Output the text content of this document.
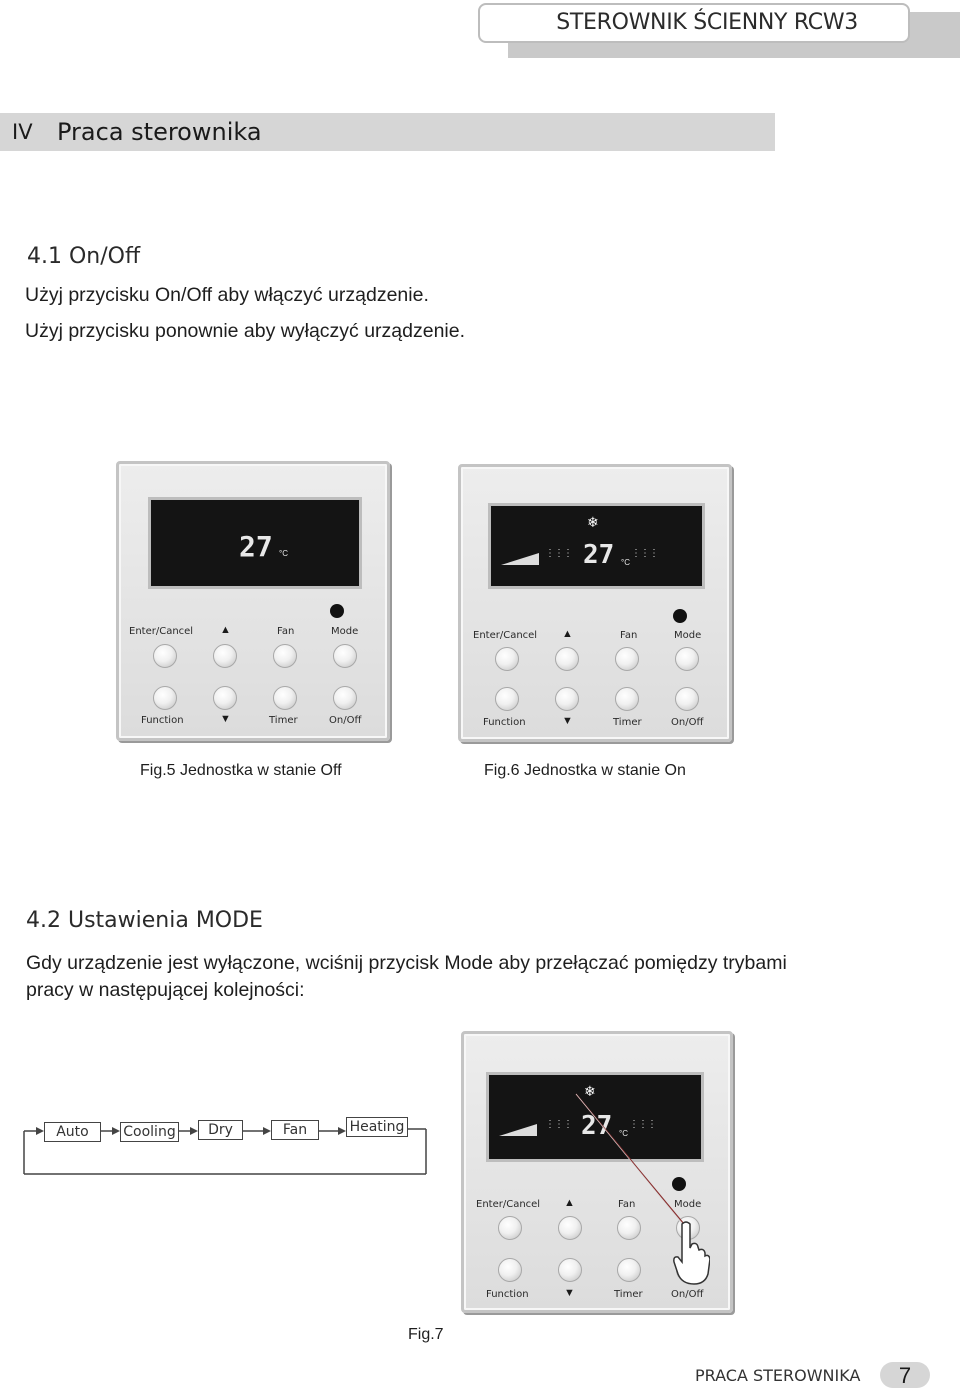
STEROWNIK ŚCIENNY RCW3
IV Praca sterownika
4.1 On/Off
Użyj przycisku On/Off aby włączyć urządzenie.
Użyj przycisku ponownie aby wyłączyć urządzenie.
27 °C
Enter/Cancel ▲	Fan	Mode
Function	▼	Timer	On/Off
❄
⋮⋮⋮ 27 °C
⋮⋮⋮
Enter/Cancel ▲	Fan	Mode
Function	▼	Timer	On/Off
Fig.5 Jednostka w stanie Off	Fig.6 Jednostka w stanie On
4.2 Ustawienia MODE
Gdy urządzenie jest wyłączone, wciśnij przycisk Mode aby przełączać pomiędzy trybami
pracy w następującej kolejności:
Auto	Cooling	Dry	Fan	Heating
❄
⋮⋮⋮ 27 °C
⋮⋮⋮
Enter/Cancel ▲	Fan	Mode
Function	▼	Timer	On/Off
Fig.7
PRACA STEROWNIKA	7
